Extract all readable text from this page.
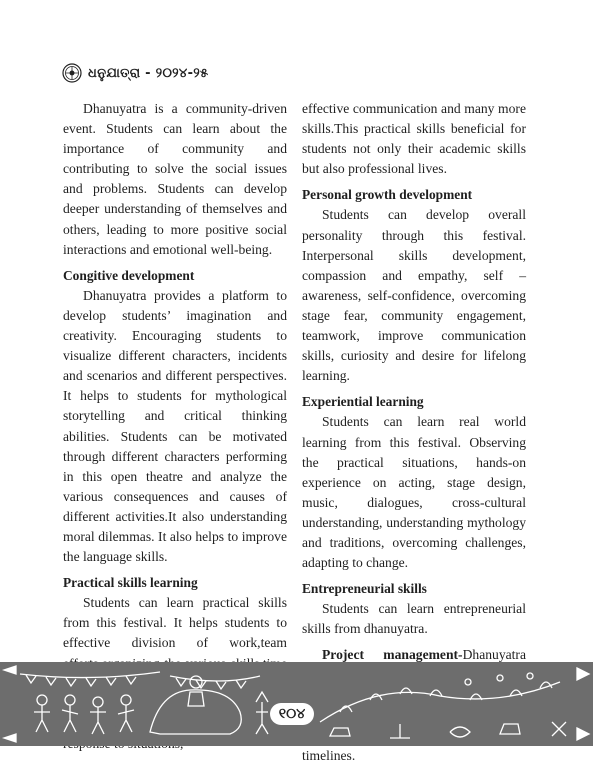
ଧନୁଯାତ୍ରା - ୨୦୨୪-୨୫

Dhanuyatra is a community-driven event. Students can learn about the importance of community and contributing to solve the social issues and problems. Students can develop deeper understanding of themselves and others, leading to more positive social interactions and emotional well-being.

Congitive development

Dhanuyatra provides a platform to develop students’ imagination and creativity. Encouraging students to visualize different characters, incidents and scenarios and different perspectives. It helps to students for mythological storytelling and critical thinking abilities. Students can be motivated through different characters performing in this open theatre and analyze the various consequences and causes of different activities.It also understanding moral dilemmas. It also helps to improve the language skills.

Practical skills learning

Students can learn practical skills from this festival. It helps students to effective division of work,team

effective communication and many more skills.This practical skills beneficial for students not only their academic skills but also professional lives.

Personal growth development

Students can develop overall personality through this festival. Interpersonal skills development, compassion and empathy, self –awareness, self-confidence, overcoming stage fear, community engagement, teamwork, improve communication skills, curiosity and desire for lifelong learning.

Experiential learning

Students can learn real world learning from this festival. Observing the practical situations, hands-on experience on acting, stage design, music, dialogues, cross-cultural understanding, understanding mythology and traditions, overcoming challenges, adapting to change.

Entrepreneurial skills

Students can learn entrepreneurial skills from dhanuyatra.

Project management-Dhanuyatra timelines.

୧୦୪
